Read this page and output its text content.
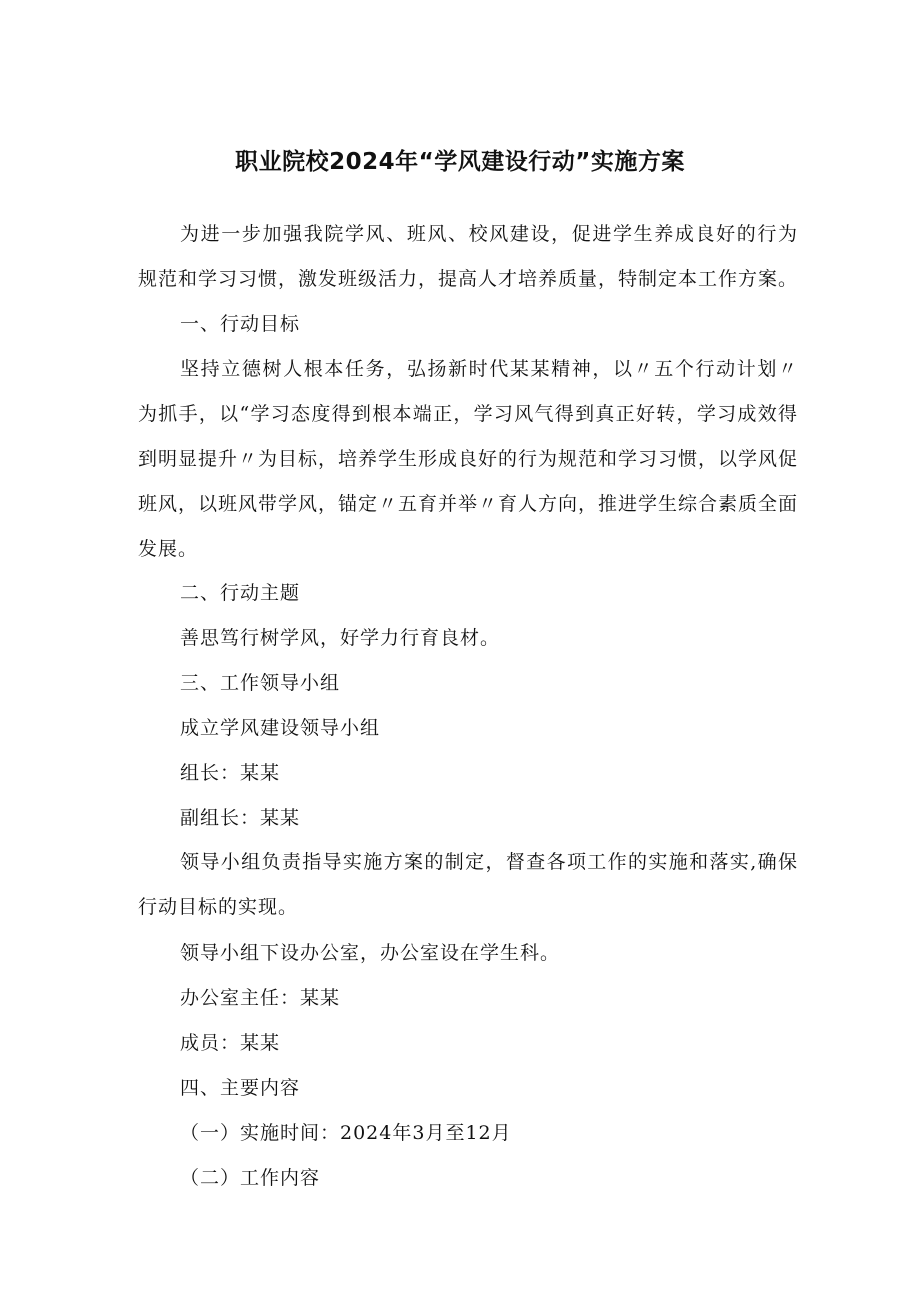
职业院校2024年“学风建设行动”实施方案

为进一步加强我院学风、班风、校风建设，促进学生养成良好的行为规范和学习习惯，激发班级活力，提高人才培养质量，特制定本工作方案。

一、行动目标

坚持立德树人根本任务，弘扬新时代某某精神，以〃五个行动计划〃为抓手，以“学习态度得到根本端正，学习风气得到真正好转，学习成效得到明显提升〃为目标，培养学生形成良好的行为规范和学习习惯，以学风促班风，以班风带学风，锚定〃五育并举〃育人方向，推进学生综合素质全面发展。

二、行动主题
善思笃行树学风，好学力行育良材。
三、工作领导小组
成立学风建设领导小组
组长：某某
副组长：某某

领导小组负责指导实施方案的制定，督查各项工作的实施和落实,确保行动目标的实现。

领导小组下设办公室，办公室设在学生科。
办公室主任：某某
成员：某某
四、主要内容
（一）实施时间：2024年3月至12月
（二）工作内容
